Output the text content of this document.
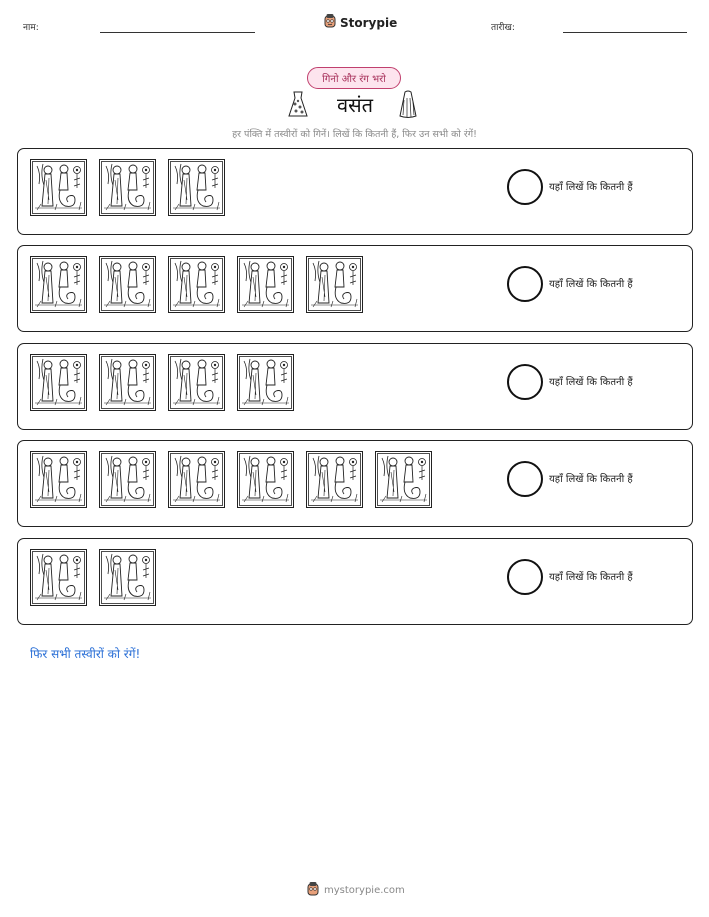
नाम:	Storypie	तारीख:
गिनो और रंग भरो
वसंत
हर पंक्ति में तस्वीरों को गिनें। लिखें कि कितनी हैं, फिर उन सभी को रंगें!
यहाँ लिखें कि कितनी हैं
यहाँ लिखें कि कितनी हैं
यहाँ लिखें कि कितनी हैं
यहाँ लिखें कि कितनी हैं
यहाँ लिखें कि कितनी हैं
फिर सभी तस्वीरों को रंगें!
mystorypie.com
